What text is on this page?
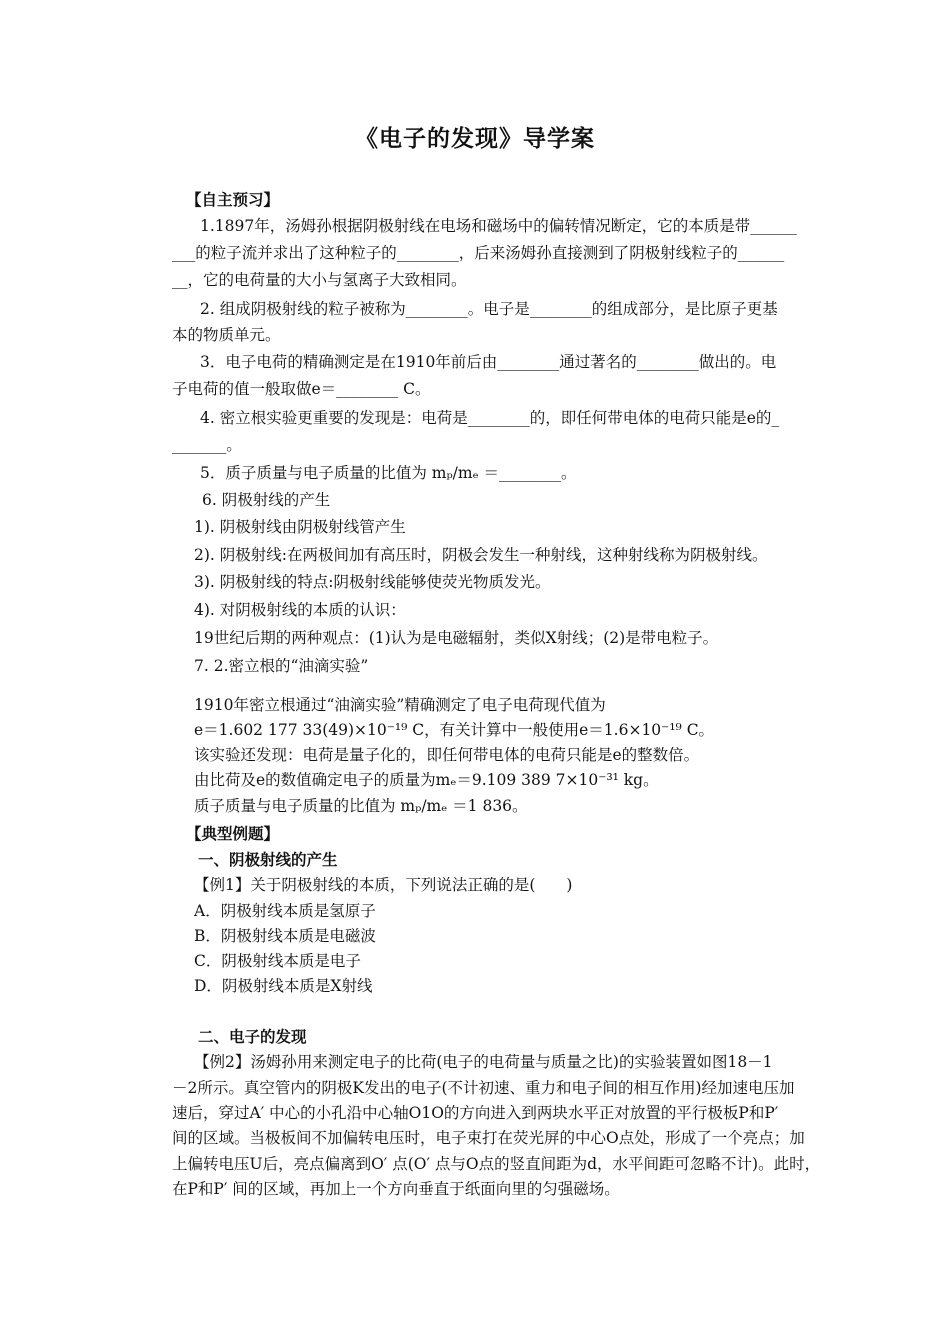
《电子的发现》导学案
【自主预习】
1.1897年，汤姆孙根据阴极射线在电场和磁场中的偏转情况断定，它的本质是带______
___的粒子流并求出了这种粒子的________，后来汤姆孙直接测到了阴极射线粒子的______
__，它的电荷量的大小与氢离子大致相同。
2. 组成阴极射线的粒子被称为________。电子是________的组成部分，是比原子更基
本的物质单元。
3．电子电荷的精确测定是在1910年前后由________通过著名的________做出的。电
子电荷的值一般取做e＝________ C。
4. 密立根实验更重要的发现是：电荷是________的，即任何带电体的电荷只能是e的_
_______。
5．质子质量与电子质量的比值为 mₚ/mₑ ＝________。
6. 阴极射线的产生
1). 阴极射线由阴极射线管产生
2). 阴极射线:在两极间加有高压时，阴极会发生一种射线，这种射线称为阴极射线。
3). 阴极射线的特点:阴极射线能够使荧光物质发光。
4). 对阴极射线的本质的认识：
19世纪后期的两种观点：(1)认为是电磁辐射，类似X射线；(2)是带电粒子。
7. 2.密立根的“油滴实验”
1910年密立根通过“油滴实验”精确测定了电子电荷现代值为
e＝1.602 177 33(49)×10⁻¹⁹ C，有关计算中一般使用e＝1.6×10⁻¹⁹ C。
该实验还发现：电荷是量子化的，即任何带电体的电荷只能是e的整数倍。
由比荷及e的数值确定电子的质量为mₑ＝9.109 389 7×10⁻³¹ kg。
质子质量与电子质量的比值为 mₚ/mₑ ＝1 836。
【典型例题】
一、阴极射线的产生
【例1】关于阴极射线的本质，下列说法正确的是(　　)
A．阴极射线本质是氢原子
B．阴极射线本质是电磁波
C．阴极射线本质是电子
D．阴极射线本质是X射线
二、电子的发现
【例2】汤姆孙用来测定电子的比荷(电子的电荷量与质量之比)的实验装置如图18－1
－2所示。真空管内的阴极K发出的电子(不计初速、重力和电子间的相互作用)经加速电压加
速后，穿过A′ 中心的小孔沿中心轴O1O的方向进入到两块水平正对放置的平行极板P和P′
间的区域。当极板间不加偏转电压时，电子束打在荧光屏的中心O点处，形成了一个亮点；加
上偏转电压U后，亮点偏离到O′ 点(O′ 点与O点的竖直间距为d，水平间距可忽略不计)。此时，
在P和P′ 间的区域，再加上一个方向垂直于纸面向里的匀强磁场。
